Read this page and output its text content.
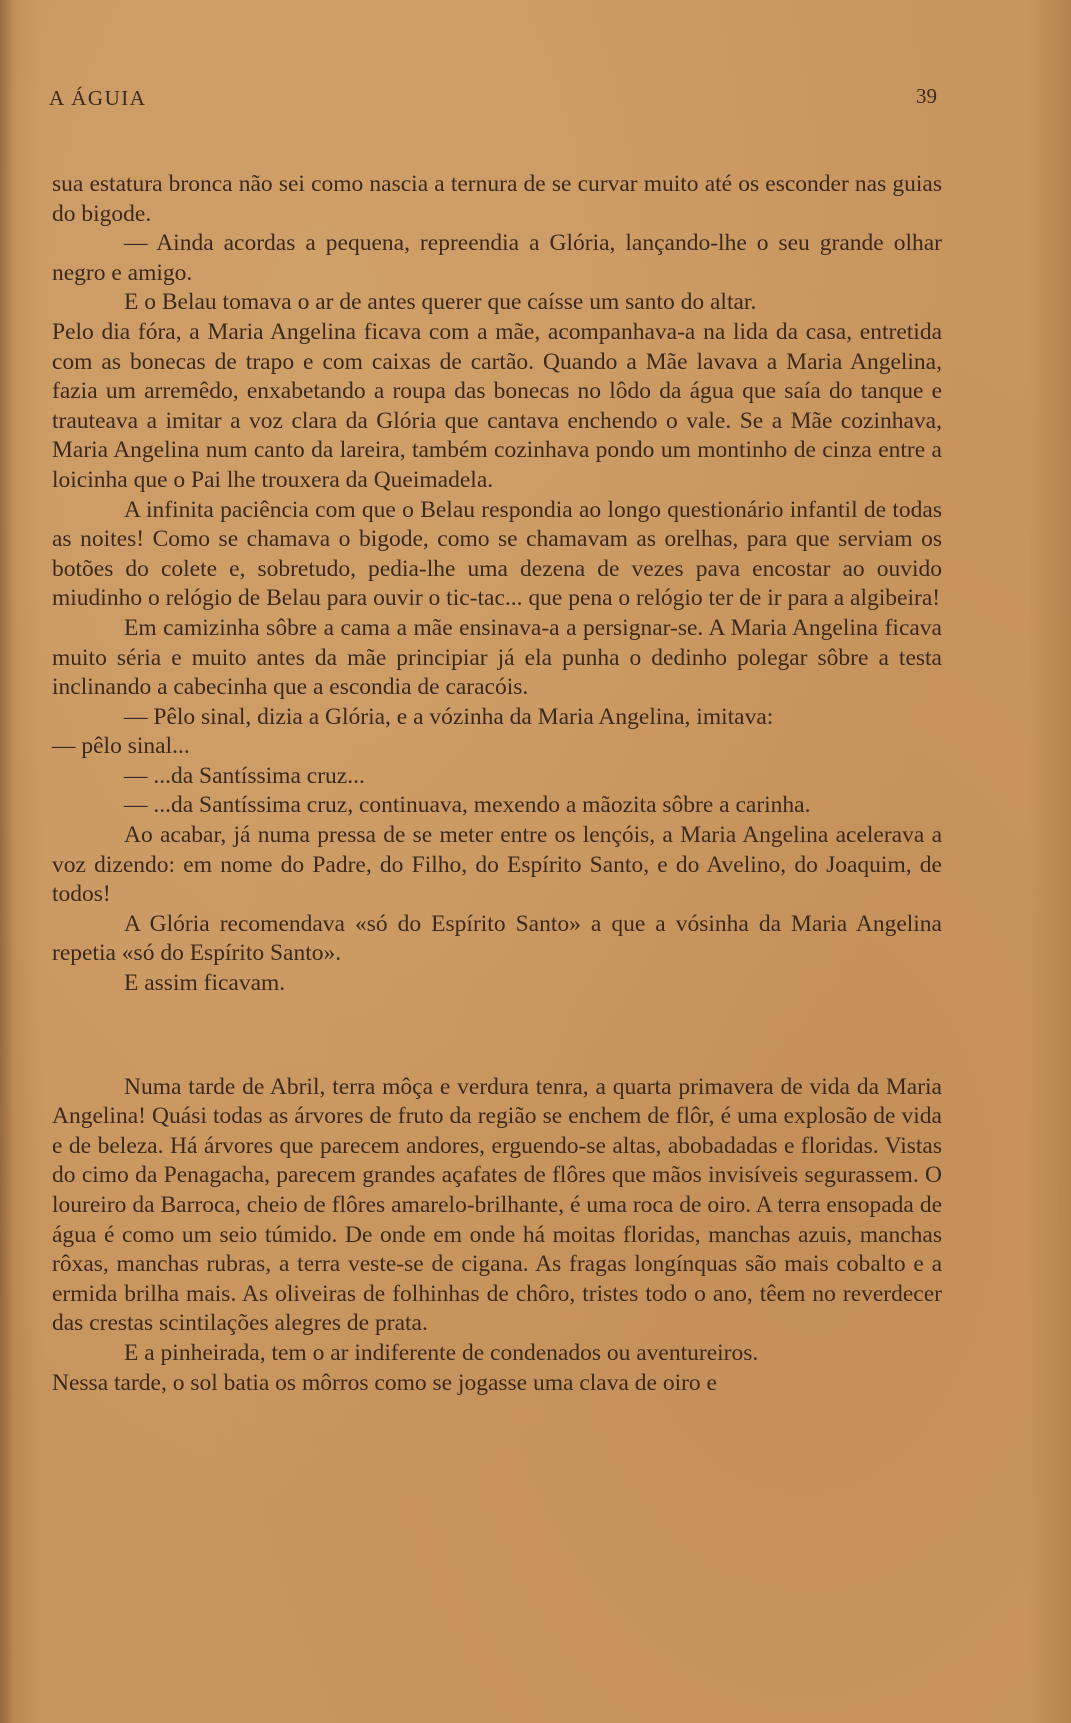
A ÁGUIA	39

sua estatura bronca não sei como nascia a ternura de se curvar muito até os esconder nas guias do bigode.

— Ainda acordas a pequena, repreendia a Glória, lançando-lhe o seu grande olhar negro e amigo.

E o Belau tomava o ar de antes querer que caísse um santo do altar.

Pelo dia fóra, a Maria Angelina ficava com a mãe, acompanhava-a na lida da casa, entretida com as bonecas de trapo e com caixas de cartão. Quando a Mãe lavava a Maria Angelina, fazia um arremêdo, enxabetando a roupa das bonecas no lôdo da água que saía do tanque e trauteava a imitar a voz clara da Glória que cantava enchendo o vale. Se a Mãe cozinhava, Maria Angelina num canto da lareira, também cozinhava pondo um montinho de cinza entre a loicinha que o Pai lhe trouxera da Queimadela.

A infinita paciência com que o Belau respondia ao longo questionário infantil de todas as noites! Como se chamava o bigode, como se chamavam as orelhas, para que serviam os botões do colete e, sobretudo, pedia-lhe uma dezena de vezes pava encostar ao ouvido miudinho o relógio de Belau para ouvir o tic-tac... que pena o relógio ter de ir para a algibeira!

Em camizinha sôbre a cama a mãe ensinava-a a persignar-se. A Maria Angelina ficava muito séria e muito antes da mãe principiar já ela punha o dedinho polegar sôbre a testa inclinando a cabecinha que a escondia de caracóis.

— Pêlo sinal, dizia a Glória, e a vózinha da Maria Angelina, imitava:

— pêlo sinal...

— ...da Santíssima cruz...

— ...da Santíssima cruz, continuava, mexendo a mãozita sôbre a carinha.

Ao acabar, já numa pressa de se meter entre os lençóis, a Maria Angelina acelerava a voz dizendo: em nome do Padre, do Filho, do Espírito Santo, e do Avelino, do Joaquim, de todos!

A Glória recomendava «só do Espírito Santo» a que a vósinha da Maria Angelina repetia «só do Espírito Santo».

E assim ficavam.

Numa tarde de Abril, terra môça e verdura tenra, a quarta primavera de vida da Maria Angelina! Quási todas as árvores de fruto da região se enchem de flôr, é uma explosão de vida e de beleza. Há árvores que parecem andores, erguendo-se altas, abobadadas e floridas. Vistas do cimo da Penagacha, parecem grandes açafates de flôres que mãos invisíveis segurassem. O loureiro da Barroca, cheio de flôres amarelo-brilhante, é uma roca de oiro. A terra ensopada de água é como um seio túmido. De onde em onde há moitas floridas, manchas azuis, manchas rôxas, manchas rubras, a terra veste-se de cigana. As fragas longínquas são mais cobalto e a ermida brilha mais. As oliveiras de folhinhas de chôro, tristes todo o ano, têem no reverdecer das crestas scintilações alegres de prata.

E a pinheirada, tem o ar indiferente de condenados ou aventureiros.

Nessa tarde, o sol batia os môrros como se jogasse uma clava de oiro e
